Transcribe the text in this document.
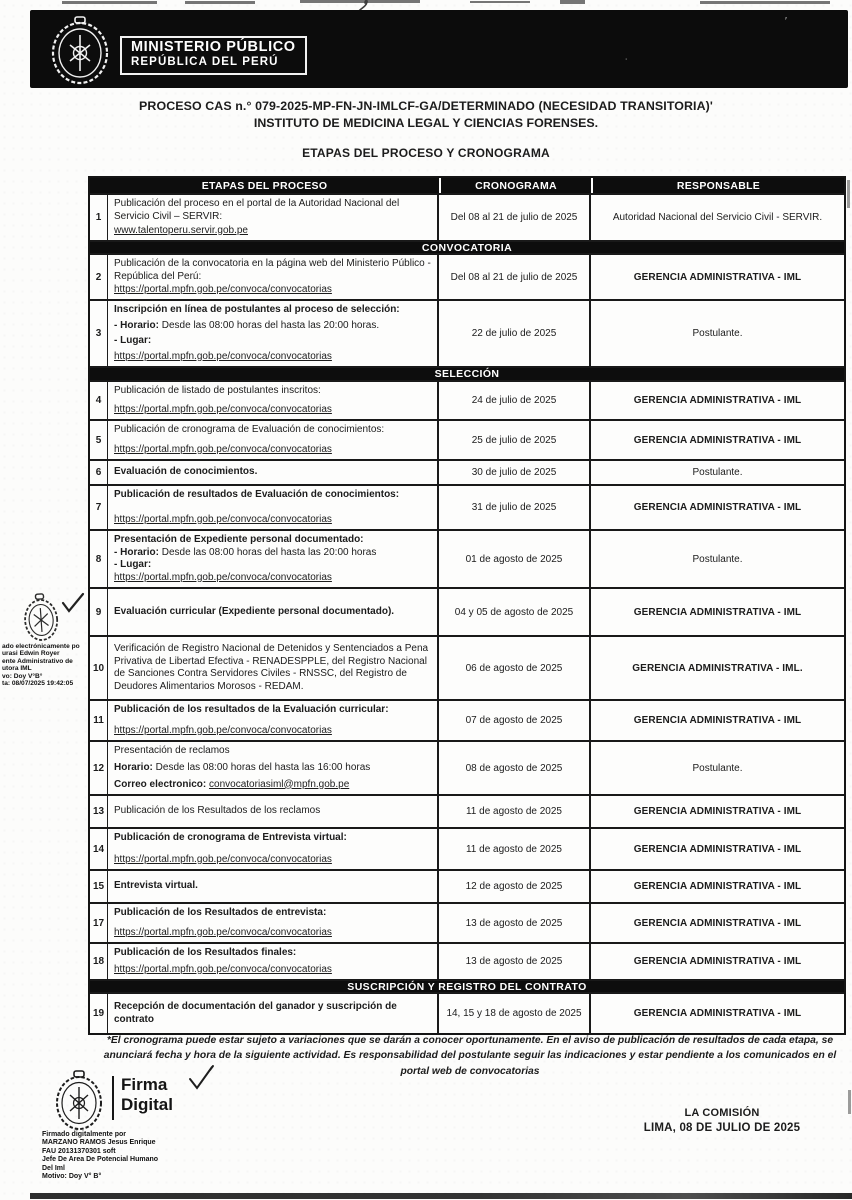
MINISTERIO PÚBLICO
REPÚBLICA DEL PERÚ
′
˙
PROCESO CAS n.° 079-2025-MP-FN-JN-IMLCF-GA/DETERMINADO (NECESIDAD TRANSITORIA)'
INSTITUTO DE MEDICINA LEGAL Y CIENCIAS FORENSES.
ETAPAS DEL PROCESO Y CRONOGRAMA
ETAPAS DEL PROCESO	CRONOGRAMA	RESPONSABLE
1
Publicación del proceso en el portal de la Autoridad Nacional del Servicio Civil – SERVIR:
www.talentoperu.servir.gob.pe
Del 08 al 21 de julio de 2025	Autoridad Nacional del Servicio Civil - SERVIR.
CONVOCATORIA
2
Publicación de la convocatoria en la página web del Ministerio Público - República del Perú:
https://portal.mpfn.gob.pe/convoca/convocatorias
Del 08 al 21 de julio de 2025	GERENCIA ADMINISTRATIVA - IML
3
Inscripción en línea de postulantes al proceso de selección:
- Horario: Desde las 08:00 horas del hasta las 20:00 horas.
- Lugar:
https://portal.mpfn.gob.pe/convoca/convocatorias
22 de julio de 2025	Postulante.
SELECCIÓN
4
Publicación de listado de postulantes inscritos:
https://portal.mpfn.gob.pe/convoca/convocatorias
24 de julio de 2025	GERENCIA ADMINISTRATIVA - IML
5
Publicación de cronograma de Evaluación de conocimientos:
https://portal.mpfn.gob.pe/convoca/convocatorias
25 de julio de 2025	GERENCIA ADMINISTRATIVA - IML
6	Evaluación de conocimientos.	30 de julio de 2025	Postulante.
7
Publicación de resultados de Evaluación de conocimientos:
https://portal.mpfn.gob.pe/convoca/convocatorias
31 de julio de 2025	GERENCIA ADMINISTRATIVA - IML
8
Presentación de Expediente personal documentado:
- Horario: Desde las 08:00 horas del hasta las 20:00 horas
- Lugar:
https://portal.mpfn.gob.pe/convoca/convocatorias
01 de agosto de 2025	Postulante.
9	Evaluación curricular (Expediente personal documentado).	04 y 05 de agosto de 2025	GERENCIA ADMINISTRATIVA - IML
10
Verificación de Registro Nacional de Detenidos y Sentenciados a Pena Privativa de Libertad Efectiva - RENADESPPLE, del Registro Nacional de Sanciones Contra Servidores Civiles - RNSSC, del Registro de Deudores Alimentarios Morosos - REDAM.
06 de agosto de 2025	GERENCIA ADMINISTRATIVA - IML.
11
Publicación de los resultados de la Evaluación curricular:
https://portal.mpfn.gob.pe/convoca/convocatorias
07 de agosto de 2025	GERENCIA ADMINISTRATIVA - IML
12
Presentación de reclamos
Horario: Desde las 08:00 horas del hasta las 16:00 horas
Correo electronico: convocatoriasiml@mpfn.gob.pe
08 de agosto de 2025	Postulante.
13 Publicación de los Resultados de los reclamos	11 de agosto de 2025	GERENCIA ADMINISTRATIVA - IML
14
Publicación de cronograma de Entrevista virtual:
https://portal.mpfn.gob.pe/convoca/convocatorias
11 de agosto de 2025	GERENCIA ADMINISTRATIVA - IML
15 Entrevista virtual.	12 de agosto de 2025	GERENCIA ADMINISTRATIVA - IML
17
Publicación de los Resultados de entrevista:
https://portal.mpfn.gob.pe/convoca/convocatorias
13 de agosto de 2025	GERENCIA ADMINISTRATIVA - IML
18
Publicación de los Resultados finales:
https://portal.mpfn.gob.pe/convoca/convocatorias
13 de agosto de 2025	GERENCIA ADMINISTRATIVA - IML
SUSCRIPCIÓN Y REGISTRO DEL CONTRATO
19
Recepción de documentación del ganador y suscripción de contrato	14, 15 y 18 de agosto de 2025	GERENCIA ADMINISTRATIVA - IML
*El cronograma puede estar sujeto a variaciones que se darán a conocer oportunamente. En el aviso de publicación de resultados de cada etapa, se anunciará fecha y hora de la siguiente actividad. Es responsabilidad del postulante seguir las indicaciones y estar pendiente a los comunicados en el portal web de convocatorias
ado electrónicamente po
urasi Edwin Royer
ente Administrativo de
utora IML
vo: Doy V°B°
ta: 08/07/2025 19:42:05
Firma
Digital
Firmado digitalmente por
MARZANO RAMOS Jesus Enrique
FAU 20131370301 soft
Jefe De Area De Potencial Humano
Del Iml
Motivo: Doy V° B°
LA COMISIÓN
LIMA, 08 DE JULIO DE 2025
